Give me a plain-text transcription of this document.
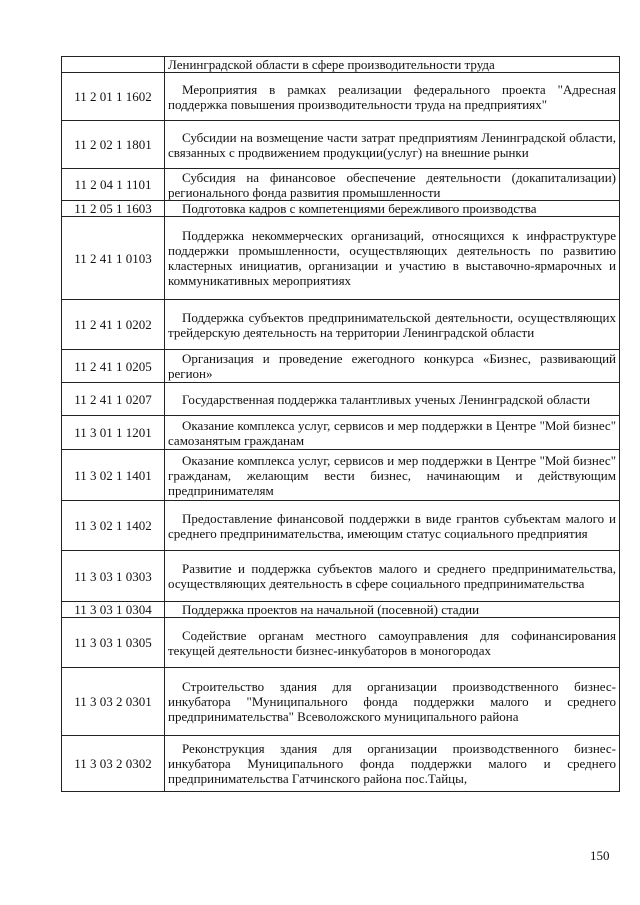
	Ленинградской области в сфере производительности труда
11 2 01 1 1602	Мероприятия в рамках реализации федерального проекта "Адресная поддержка повышения производительности труда на предприятиях"
11 2 02 1 1801	Субсидии на возмещение части затрат предприятиям Ленинградской области, связанных с продвижением продукции(услуг) на внешние рынки
11 2 04 1 1101	Субсидия на финансовое обеспечение деятельности (докапитализации) регионального фонда развития промышленности
11 2 05 1 1603	Подготовка кадров с компетенциями бережливого производства
11 2 41 1 0103	Поддержка некоммерческих организаций, относящихся к инфраструктуре поддержки промышленности, осуществляющих деятельность по развитию кластерных инициатив, организации и участию в выставочно-ярмарочных и коммуникативных мероприятиях
11 2 41 1 0202	Поддержка субъектов предпринимательской деятельности, осуществляющих трейдерскую деятельность на территории Ленинградской области
11 2 41 1 0205	Организация и проведение ежегодного конкурса «Бизнес, развивающий регион»
11 2 41 1 0207	Государственная поддержка талантливых ученых Ленинградской области
11 3 01 1 1201	Оказание комплекса услуг, сервисов и мер поддержки в Центре "Мой бизнес" самозанятым гражданам
11 3 02 1 1401	Оказание комплекса услуг, сервисов и мер поддержки в Центре "Мой бизнес" гражданам, желающим вести бизнес, начинающим и действующим предпринимателям
11 3 02 1 1402	Предоставление финансовой поддержки в виде грантов субъектам малого и среднего предпринимательства, имеющим статус социального предприятия
11 3 03 1 0303	Развитие и поддержка субъектов малого и среднего предпринимательства, осуществляющих деятельность в сфере социального предпринимательства
11 3 03 1 0304	Поддержка проектов на начальной (посевной) стадии
11 3 03 1 0305	Содействие органам местного самоуправления для софинансирования текущей деятельности бизнес-инкубаторов в моногородах
11 3 03 2 0301	Строительство здания для организации производственного бизнес-инкубатора "Муниципального фонда поддержки малого и среднего предпринимательства" Всеволожского муниципального района
11 3 03 2 0302	Реконструкция здания для организации производственного бизнес-инкубатора Муниципального фонда поддержки малого и среднего предпринимательства Гатчинского района пос.Тайцы,
150
